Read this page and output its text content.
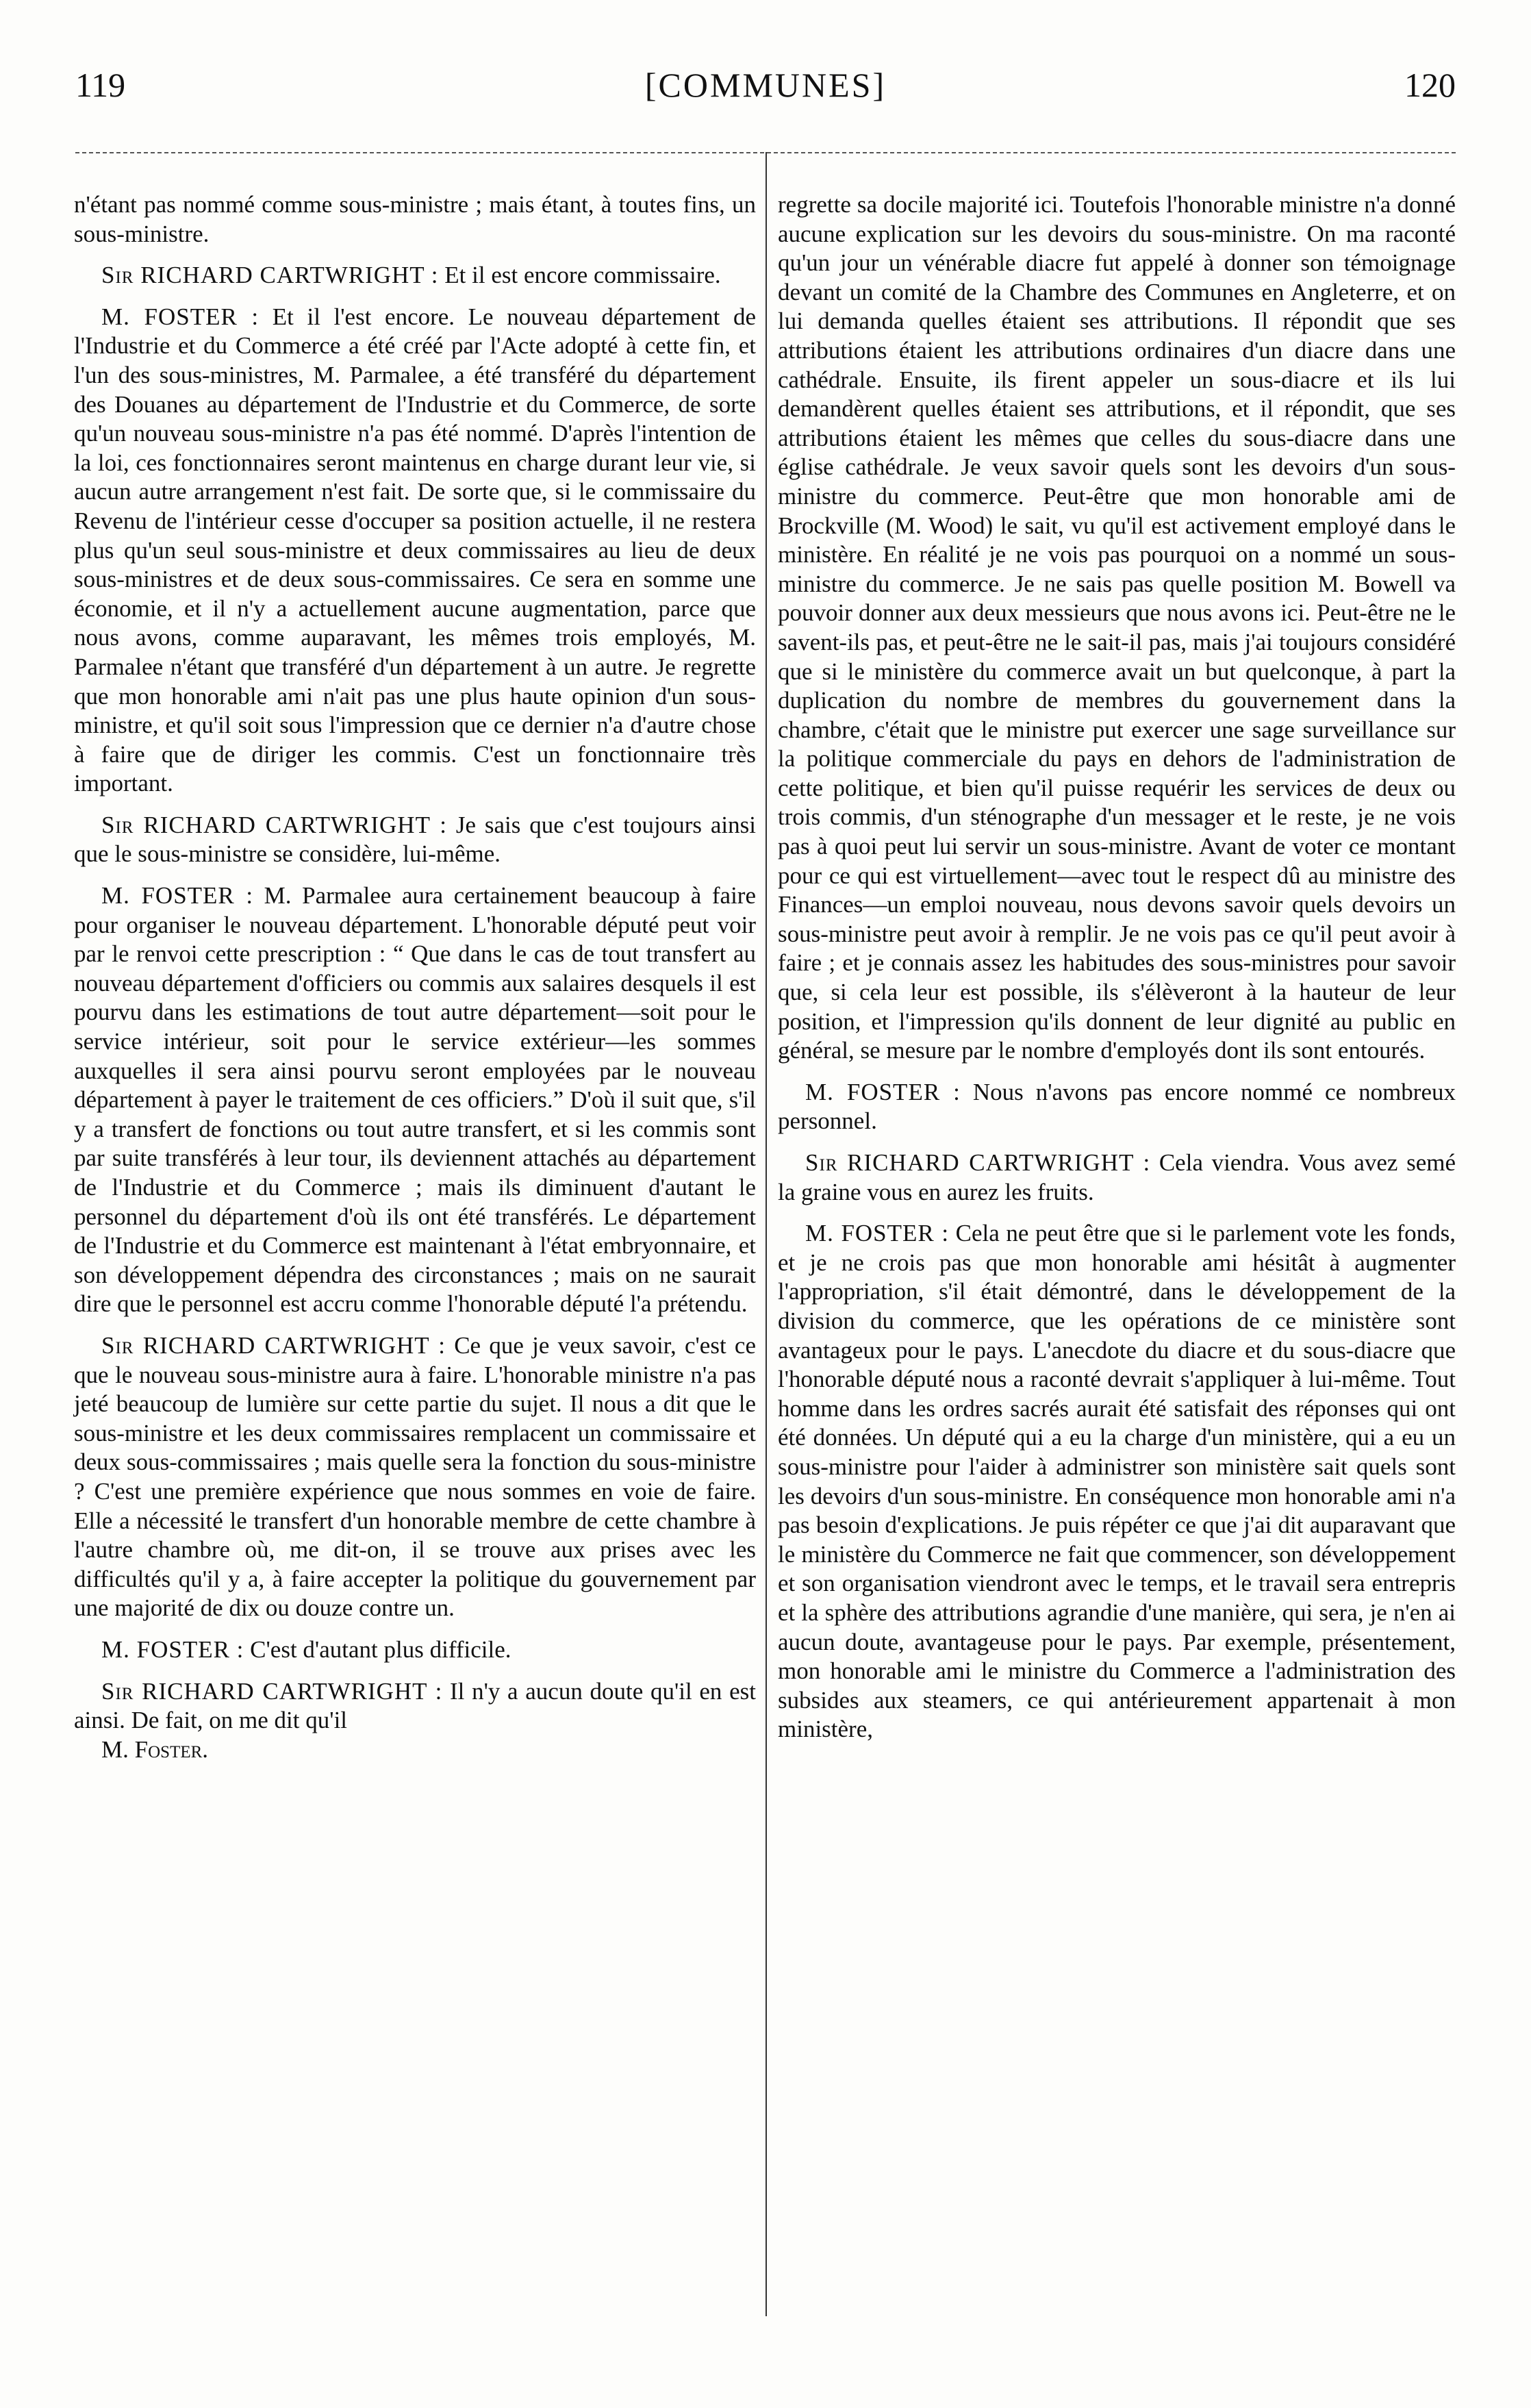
119	[COMMUNES]	120

n'étant pas nommé comme sous-ministre ; mais étant, à toutes fins, un sous-ministre.

Sir RICHARD CARTWRIGHT : Et il est encore commissaire.

M. FOSTER : Et il l'est encore. Le nouveau département de l'Industrie et du Commerce a été créé par l'Acte adopté à cette fin, et l'un des sous-ministres, M. Parmalee, a été transféré du département des Douanes au département de l'Industrie et du Commerce, de sorte qu'un nouveau sous-ministre n'a pas été nommé. D'après l'intention de la loi, ces fonctionnaires seront maintenus en charge durant leur vie, si aucun autre arrangement n'est fait. De sorte que, si le commissaire du Revenu de l'intérieur cesse d'occuper sa position actuelle, il ne restera plus qu'un seul sous-ministre et deux commissaires au lieu de deux sous-ministres et de deux sous-commissaires. Ce sera en somme une économie, et il n'y a actuellement aucune augmentation, parce que nous avons, comme auparavant, les mêmes trois employés, M. Parmalee n'étant que transféré d'un département à un autre. Je regrette que mon honorable ami n'ait pas une plus haute opinion d'un sous-ministre, et qu'il soit sous l'impression que ce dernier n'a d'autre chose à faire que de diriger les commis. C'est un fonctionnaire très important.

Sir RICHARD CARTWRIGHT : Je sais que c'est toujours ainsi que le sous-ministre se considère, lui-même.

M. FOSTER : M. Parmalee aura certainement beaucoup à faire pour organiser le nouveau département. L'honorable député peut voir par le renvoi cette prescription : “ Que dans le cas de tout transfert au nouveau département d'officiers ou commis aux salaires desquels il est pourvu dans les estimations de tout autre département—soit pour le service intérieur, soit pour le service extérieur—les sommes auxquelles il sera ainsi pourvu seront employées par le nouveau département à payer le traitement de ces officiers.” D'où il suit que, s'il y a transfert de fonctions ou tout autre transfert, et si les commis sont par suite transférés à leur tour, ils deviennent attachés au département de l'Industrie et du Commerce ; mais ils diminuent d'autant le personnel du département d'où ils ont été transférés. Le département de l'Industrie et du Commerce est maintenant à l'état embryonnaire, et son développement dépendra des circonstances ; mais on ne saurait dire que le personnel est accru comme l'honorable député l'a prétendu.

Sir RICHARD CARTWRIGHT : Ce que je veux savoir, c'est ce que le nouveau sous-ministre aura à faire. L'honorable ministre n'a pas jeté beaucoup de lumière sur cette partie du sujet. Il nous a dit que le sous-ministre et les deux commissaires remplacent un commissaire et deux sous-commissaires ; mais quelle sera la fonction du sous-ministre ? C'est une première expérience que nous sommes en voie de faire. Elle a nécessité le transfert d'un honorable membre de cette chambre à l'autre chambre où, me dit-on, il se trouve aux prises avec les difficultés qu'il y a, à faire accepter la politique du gouvernement par une majorité de dix ou douze contre un.

M. FOSTER : C'est d'autant plus difficile.

Sir RICHARD CARTWRIGHT : Il n'y a aucun doute qu'il en est ainsi. De fait, on me dit qu'il

M. Foster.

regrette sa docile majorité ici. Toutefois l'honorable ministre n'a donné aucune explication sur les devoirs du sous-ministre. On ma raconté qu'un jour un vénérable diacre fut appelé à donner son témoignage devant un comité de la Chambre des Communes en Angleterre, et on lui demanda quelles étaient ses attributions. Il répondit que ses attributions étaient les attributions ordinaires d'un diacre dans une cathédrale. Ensuite, ils firent appeler un sous-diacre et ils lui demandèrent quelles étaient ses attributions, et il répondit, que ses attributions étaient les mêmes que celles du sous-diacre dans une église cathédrale. Je veux savoir quels sont les devoirs d'un sous-ministre du commerce. Peut-être que mon honorable ami de Brockville (M. Wood) le sait, vu qu'il est activement employé dans le ministère. En réalité je ne vois pas pourquoi on a nommé un sous-ministre du commerce. Je ne sais pas quelle position M. Bowell va pouvoir donner aux deux messieurs que nous avons ici. Peut-être ne le savent-ils pas, et peut-être ne le sait-il pas, mais j'ai toujours considéré que si le ministère du commerce avait un but quelconque, à part la duplication du nombre de membres du gouvernement dans la chambre, c'était que le ministre put exercer une sage surveillance sur la politique commerciale du pays en dehors de l'administration de cette politique, et bien qu'il puisse requérir les services de deux ou trois commis, d'un sténographe d'un messager et le reste, je ne vois pas à quoi peut lui servir un sous-ministre. Avant de voter ce montant pour ce qui est virtuellement—avec tout le respect dû au ministre des Finances—un emploi nouveau, nous devons savoir quels devoirs un sous-ministre peut avoir à remplir. Je ne vois pas ce qu'il peut avoir à faire ; et je connais assez les habitudes des sous-ministres pour savoir que, si cela leur est possible, ils s'élèveront à la hauteur de leur position, et l'impression qu'ils donnent de leur dignité au public en général, se mesure par le nombre d'employés dont ils sont entourés.

M. FOSTER : Nous n'avons pas encore nommé ce nombreux personnel.

Sir RICHARD CARTWRIGHT : Cela viendra. Vous avez semé la graine vous en aurez les fruits.

M. FOSTER : Cela ne peut être que si le parlement vote les fonds, et je ne crois pas que mon honorable ami hésitât à augmenter l'appropriation, s'il était démontré, dans le développement de la division du commerce, que les opérations de ce ministère sont avantageux pour le pays. L'anecdote du diacre et du sous-diacre que l'honorable député nous a raconté devrait s'appliquer à lui-même. Tout homme dans les ordres sacrés aurait été satisfait des réponses qui ont été données. Un député qui a eu la charge d'un ministère, qui a eu un sous-ministre pour l'aider à administrer son ministère sait quels sont les devoirs d'un sous-ministre. En conséquence mon honorable ami n'a pas besoin d'explications. Je puis répéter ce que j'ai dit auparavant que le ministère du Commerce ne fait que commencer, son développement et son organisation viendront avec le temps, et le travail sera entrepris et la sphère des attributions agrandie d'une manière, qui sera, je n'en ai aucun doute, avantageuse pour le pays. Par exemple, présentement, mon honorable ami le ministre du Commerce a l'administration des subsides aux steamers, ce qui antérieurement appartenait à mon ministère,
